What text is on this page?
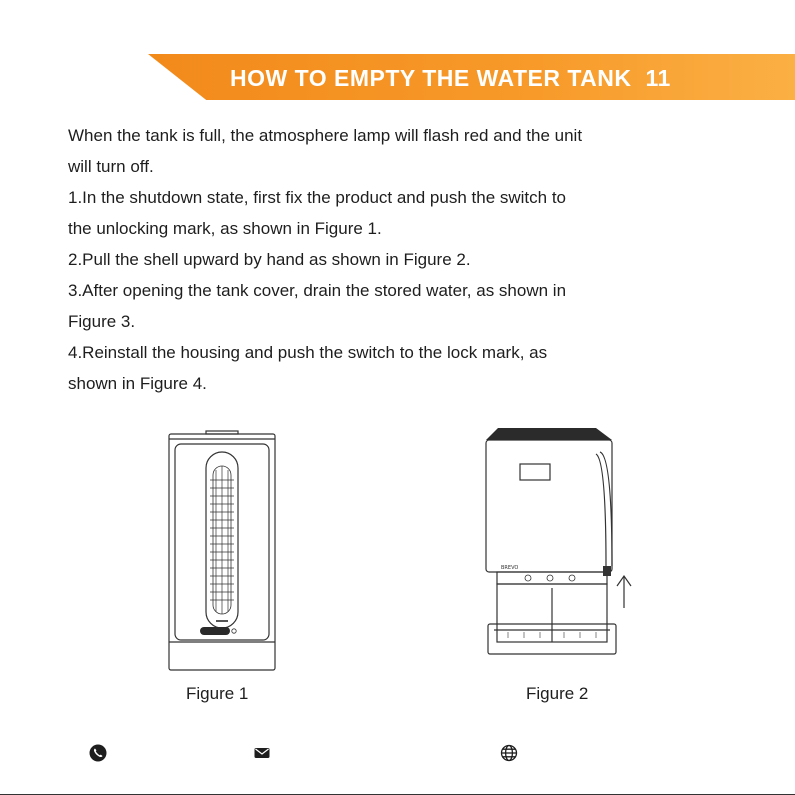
HOW TO EMPTY THE WATER TANK 11
When the tank is full, the atmosphere lamp will flash red and the unit
will turn off.
1.In the shutdown state, first fix the product and push the switch to
the unlocking mark, as shown in Figure 1.
2.Pull the shell upward by hand as shown in Figure 2.
3.After opening the tank cover, drain the stored water, as shown in
Figure 3.
4.Reinstall the housing and push the switch to the lock mark, as
shown in Figure 4.
BREVO
Figure 1	Figure 2
